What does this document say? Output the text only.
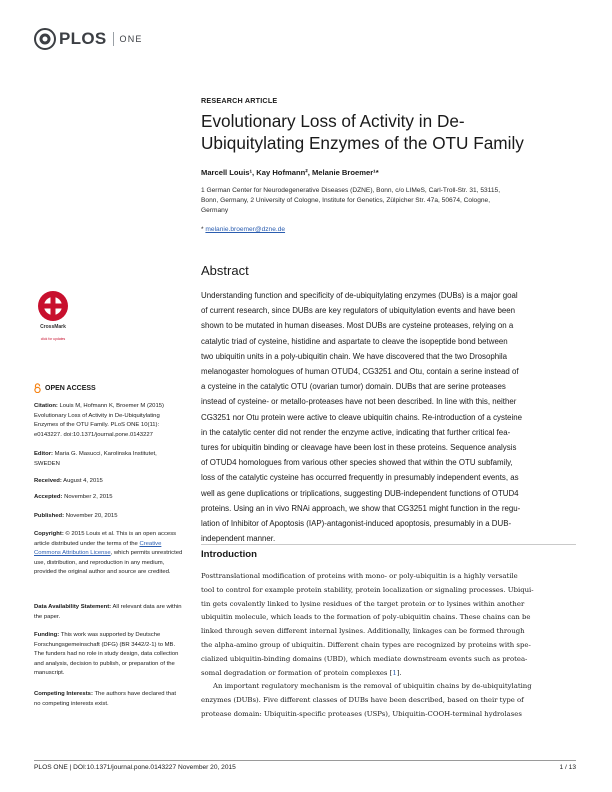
PLOS ONE
RESEARCH ARTICLE
Evolutionary Loss of Activity in De-
Ubiquitylating Enzymes of the OTU Family
Marcell Louis¹, Kay Hofmann², Melanie Broemer¹*
1 German Center for Neurodegenerative Diseases (DZNE), Bonn, c/o LIMeS, Carl-Troll-Str. 31, 53115,
Bonn, Germany, 2 University of Cologne, Institute for Genetics, Zülpicher Str. 47a, 50674, Cologne,
Germany
* melanie.broemer@dzne.de
Abstract
Understanding function and specificity of de-ubiquitylating enzymes (DUBs) is a major goal
of current research, since DUBs are key regulators of ubiquitylation events and have been
shown to be mutated in human diseases. Most DUBs are cysteine proteases, relying on a
catalytic triad of cysteine, histidine and aspartate to cleave the isopeptide bond between
two ubiquitin units in a poly-ubiquitin chain. We have discovered that the two Drosophila
melanogaster homologues of human OTUD4, CG3251 and Otu, contain a serine instead of
a cysteine in the catalytic OTU (ovarian tumor) domain. DUBs that are serine proteases
instead of cysteine- or metallo-proteases have not been described. In line with this, neither
CG3251 nor Otu protein were active to cleave ubiquitin chains. Re-introduction of a cysteine
in the catalytic center did not render the enzyme active, indicating that further critical fea-
tures for ubiquitin binding or cleavage have been lost in these proteins. Sequence analysis
of OTUD4 homologues from various other species showed that within the OTU subfamily,
loss of the catalytic cysteine has occurred frequently in presumably independent events, as
well as gene duplications or triplications, suggesting DUB-independent functions of OTUD4
proteins. Using an in vivo RNAi approach, we show that CG3251 might function in the regu-
lation of Inhibitor of Apoptosis (IAP)-antagonist-induced apoptosis, presumably in a DUB-
independent manner.
Introduction

Posttranslational modification of proteins with mono- or poly-ubiquitin is a highly versatile
tool to control for example protein stability, protein localization or signaling processes. Ubiqui-
tin gets covalently linked to lysine residues of the target protein or to lysines within another
ubiquitin molecule, which leads to the formation of poly-ubiquitin chains. These chains can be
linked through seven different internal lysines. Additionally, linkages can be formed through
the alpha-amino group of ubiquitin. Different chain types are recognized by proteins with spe-
cialized ubiquitin-binding domains (UBD), which mediate downstream events such as protea-
somal degradation or formation of protein complexes [1].

An important regulatory mechanism is the removal of ubiquitin chains by de-ubiquitylating
enzymes (DUBs). Five different classes of DUBs have been described, based on their type of
protease domain: Ubiquitin-specific proteases (USPs), Ubiquitin-COOH-terminal hydrolases

CrossMark
click for updates
OPEN ACCESS
Citation: Louis M, Hofmann K, Broemer M (2015) Evolutionary Loss of Activity in De-Ubiquitylating Enzymes of the OTU Family. PLoS ONE 10(11): e0143227. doi:10.1371/journal.pone.0143227
Editor: Maria G. Masucci, Karolinska Institutet, SWEDEN
Received: August 4, 2015
Accepted: November 2, 2015
Published: November 20, 2015
Copyright: © 2015 Louis et al. This is an open access article distributed under the terms of the Creative Commons Attribution License, which permits unrestricted use, distribution, and reproduction in any medium, provided the original author and source are credited.
Data Availability Statement: All relevant data are within the paper.
Funding: This work was supported by Deutsche Forschungsgemeinschaft (DFG) (BR 3442/2-1) to MB. The funders had no role in study design, data collection and analysis, decision to publish, or preparation of the manuscript.
Competing Interests: The authors have declared that no competing interests exist.
PLOS ONE | DOI:10.1371/journal.pone.0143227 November 20, 2015	1 / 13
